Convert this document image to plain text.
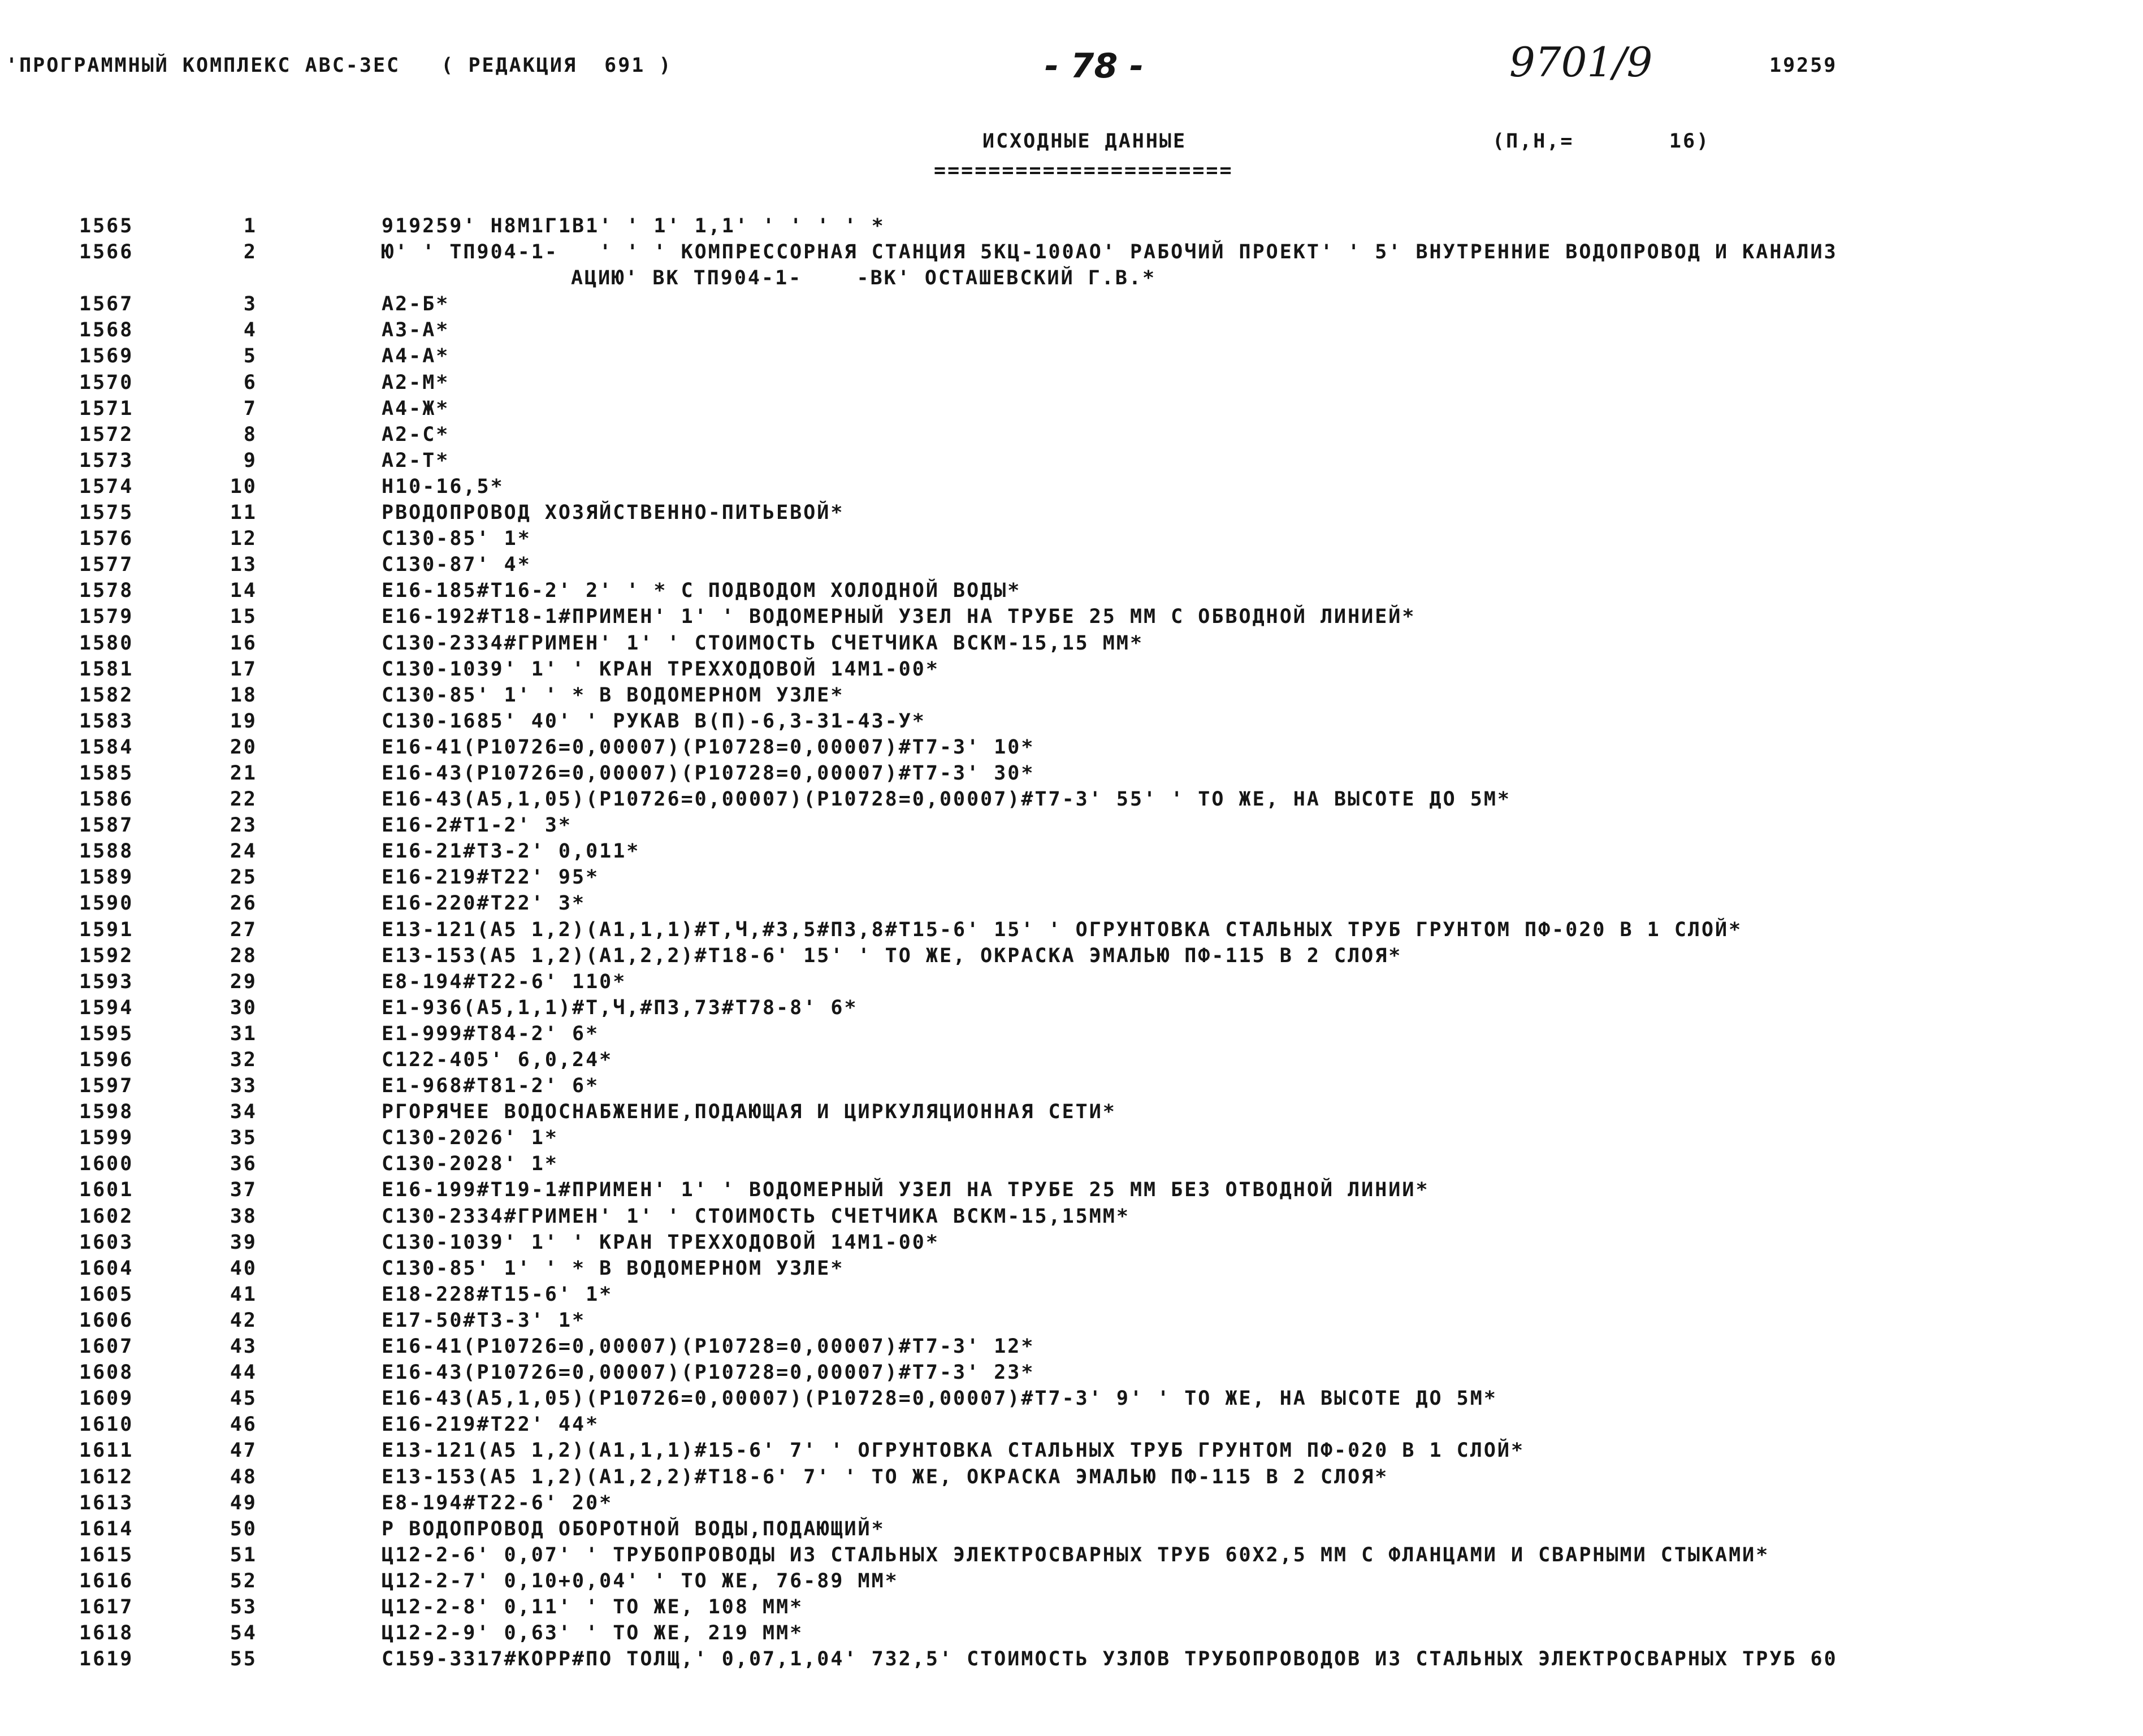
'ПРОГРАММНЫЙ КОМПЛЕКС АВС-ЗЕС   ( РЕДАКЦИЯ  691 )	- 78 -	9701/9	19259
ИСХОДНЫЕ ДАННЫЕ	(П,Н,=       16)
======================
1565	1	919259' Н8М1Г1В1' ' 1' 1,1' ' ' ' ' *
1566	2	Ю' ' ТП904-1-   ' ' ' КОМПРЕССОРНАЯ СТАНЦИЯ 5КЦ-100АО' РАБОЧИЙ ПРОЕКТ' ' 5' ВНУТРЕННИЕ ВОДОПРОВОД И КАНАЛИЗ
АЦИЮ' ВК ТП904-1-    -ВК' ОСТАШЕВСКИЙ Г.В.*
1567	3	А2-Б*
1568	4	А3-А*
1569	5	А4-А*
1570	6	А2-М*
1571	7	А4-Ж*
1572	8	А2-С*
1573	9	А2-Т*
1574	10	Н10-16,5*
1575	11	РВОДОПРОВОД ХОЗЯЙСТВЕННО-ПИТЬЕВОЙ*
1576	12	С130-85' 1*
1577	13	С130-87' 4*
1578	14	Е16-185#Т16-2' 2' ' * С ПОДВОДОМ ХОЛОДНОЙ ВОДЫ*
1579	15	Е16-192#Т18-1#ПРИМЕН' 1' ' ВОДОМЕРНЫЙ УЗЕЛ НА ТРУБЕ 25 ММ С ОБВОДНОЙ ЛИНИЕЙ*
1580	16	С130-2334#ГРИМЕН' 1' ' СТОИМОСТЬ СЧЕТЧИКА ВСКМ-15,15 ММ*
1581	17	С130-1039' 1' ' КРАН ТРЕХХОДОВОЙ 14М1-00*
1582	18	С130-85' 1' ' * В ВОДОМЕРНОМ УЗЛЕ*
1583	19	С130-1685' 40' ' РУКАВ В(П)-6,3-31-43-У*
1584	20	Е16-41(Р10726=0,00007)(Р10728=0,00007)#Т7-3' 10*
1585	21	Е16-43(Р10726=0,00007)(Р10728=0,00007)#Т7-3' 30*
1586	22	Е16-43(А5,1,05)(Р10726=0,00007)(Р10728=0,00007)#Т7-3' 55' ' ТО ЖЕ, НА ВЫСОТЕ ДО 5М*
1587	23	Е16-2#Т1-2' 3*
1588	24	Е16-21#Т3-2' 0,011*
1589	25	Е16-219#Т22' 95*
1590	26	Е16-220#Т22' 3*
1591	27	Е13-121(А5 1,2)(А1,1,1)#Т,Ч,#3,5#П3,8#Т15-6' 15' ' ОГРУНТОВКА СТАЛЬНЫХ ТРУБ ГРУНТОМ ПФ-020 В 1 СЛОЙ*
1592	28	Е13-153(А5 1,2)(А1,2,2)#Т18-6' 15' ' ТО ЖЕ, ОКРАСКА ЭМАЛЬЮ ПФ-115 В 2 СЛОЯ*
1593	29	Е8-194#Т22-6' 110*
1594	30	Е1-936(А5,1,1)#Т,Ч,#П3,73#Т78-8' 6*
1595	31	Е1-999#Т84-2' 6*
1596	32	С122-405' 6,0,24*
1597	33	Е1-968#Т81-2' 6*
1598	34	РГОРЯЧЕЕ ВОДОСНАБЖЕНИЕ,ПОДАЮЩАЯ И ЦИРКУЛЯЦИОННАЯ СЕТИ*
1599	35	С130-2026' 1*
1600	36	С130-2028' 1*
1601	37	Е16-199#Т19-1#ПРИМЕН' 1' ' ВОДОМЕРНЫЙ УЗЕЛ НА ТРУБЕ 25 ММ БЕЗ ОТВОДНОЙ ЛИНИИ*
1602	38	С130-2334#ГРИМЕН' 1' ' СТОИМОСТЬ СЧЕТЧИКА ВСКМ-15,15ММ*
1603	39	С130-1039' 1' ' КРАН ТРЕХХОДОВОЙ 14М1-00*
1604	40	С130-85' 1' ' * В ВОДОМЕРНОМ УЗЛЕ*
1605	41	Е18-228#Т15-6' 1*
1606	42	Е17-50#Т3-3' 1*
1607	43	Е16-41(Р10726=0,00007)(Р10728=0,00007)#Т7-3' 12*
1608	44	Е16-43(Р10726=0,00007)(Р10728=0,00007)#Т7-3' 23*
1609	45	Е16-43(А5,1,05)(Р10726=0,00007)(Р10728=0,00007)#Т7-3' 9' ' ТО ЖЕ, НА ВЫСОТЕ ДО 5М*
1610	46	Е16-219#Т22' 44*
1611	47	Е13-121(А5 1,2)(А1,1,1)#15-6' 7' ' ОГРУНТОВКА СТАЛЬНЫХ ТРУБ ГРУНТОМ ПФ-020 В 1 СЛОЙ*
1612	48	Е13-153(А5 1,2)(А1,2,2)#Т18-6' 7' ' ТО ЖЕ, ОКРАСКА ЭМАЛЬЮ ПФ-115 В 2 СЛОЯ*
1613	49	Е8-194#Т22-6' 20*
1614	50	Р ВОДОПРОВОД ОБОРОТНОЙ ВОДЫ,ПОДАЮЩИЙ*
1615	51	Ц12-2-6' 0,07' ' ТРУБОПРОВОДЫ ИЗ СТАЛЬНЫХ ЭЛЕКТРОСВАРНЫХ ТРУБ 60Х2,5 ММ С ФЛАНЦАМИ И СВАРНЫМИ СТЫКАМИ*
1616	52	Ц12-2-7' 0,10+0,04' ' ТО ЖЕ, 76-89 ММ*
1617	53	Ц12-2-8' 0,11' ' ТО ЖЕ, 108 ММ*
1618	54	Ц12-2-9' 0,63' ' ТО ЖЕ, 219 ММ*
1619	55	С159-3317#КОРР#ПО ТОЛЩ,' 0,07,1,04' 732,5' СТОИМОСТЬ УЗЛОВ ТРУБОПРОВОДОВ ИЗ СТАЛЬНЫХ ЭЛЕКТРОСВАРНЫХ ТРУБ 60
